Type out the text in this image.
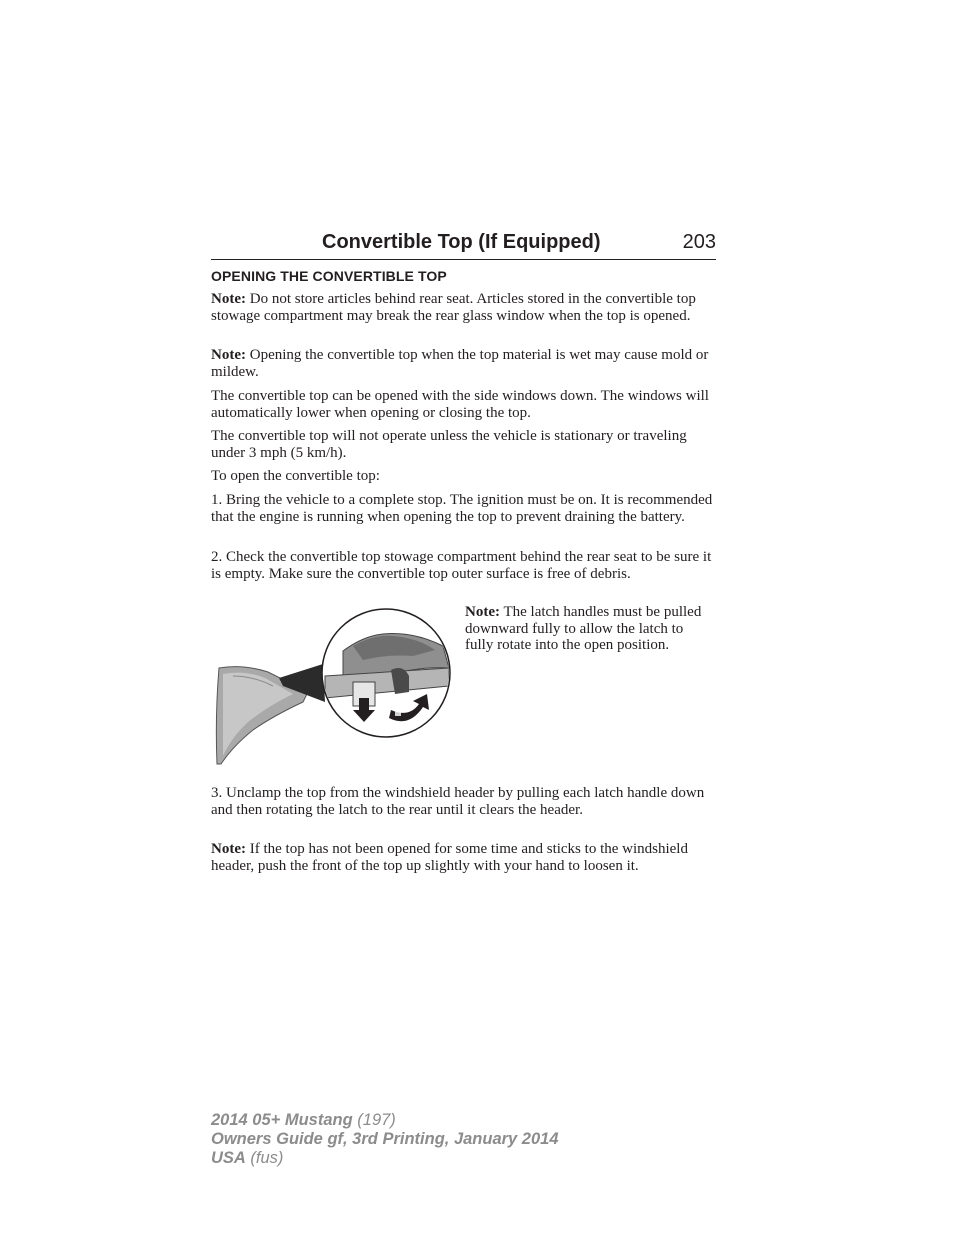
Convertible Top (If Equipped)	203
OPENING THE CONVERTIBLE TOP

Note: Do not store articles behind rear seat. Articles stored in the convertible top stowage compartment may break the rear glass window when the top is opened.

Note: Opening the convertible top when the top material is wet may cause mold or mildew.

The convertible top can be opened with the side windows down. The windows will automatically lower when opening or closing the top.

The convertible top will not operate unless the vehicle is stationary or traveling under 3 mph (5 km/h).

To open the convertible top:

1. Bring the vehicle to a complete stop. The ignition must be on. It is recommended that the engine is running when opening the top to prevent draining the battery.

2. Check the convertible top stowage compartment behind the rear seat to be sure it is empty. Make sure the convertible top outer surface is free of debris.

Note: The latch handles must be pulled downward fully to allow the latch to fully rotate into the open position.

3. Unclamp the top from the windshield header by pulling each latch handle down and then rotating the latch to the rear until it clears the header.

Note: If the top has not been opened for some time and sticks to the windshield header, push the front of the top up slightly with your hand to loosen it.

2014 05+ Mustang (197)
Owners Guide gf, 3rd Printing, January 2014
USA (fus)
